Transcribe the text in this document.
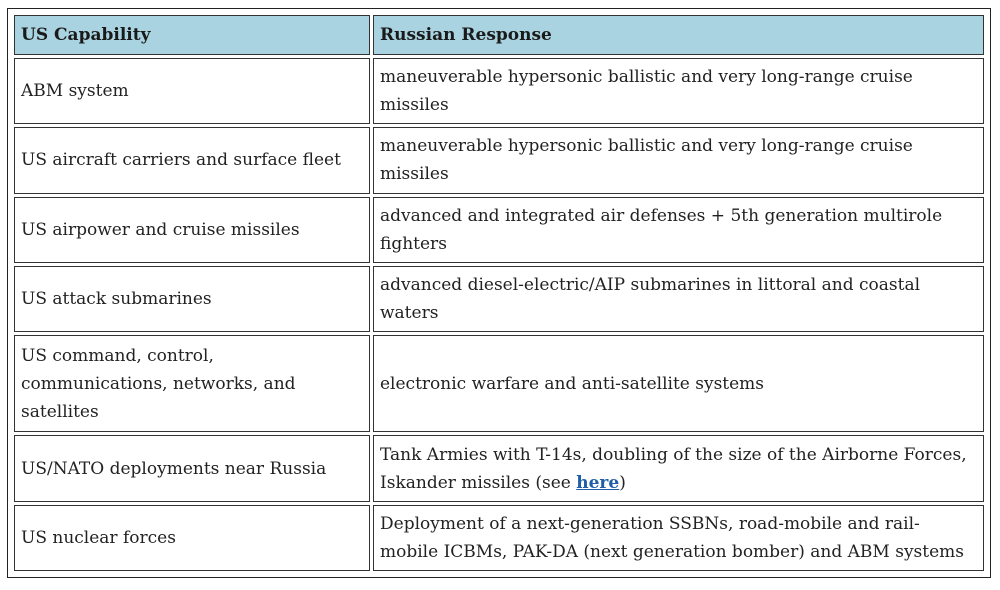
US Capability	Russian Response
ABM system	maneuverable hypersonic ballistic and very long-range cruise missiles
US aircraft carriers and surface fleet	maneuverable hypersonic ballistic and very long-range cruise missiles
US airpower and cruise missiles	advanced and integrated air defenses + 5th generation multirole fighters
US attack submarines	advanced diesel-electric/AIP submarines in littoral and coastal waters
US command, control, communications, networks, and satellites	electronic warfare and anti-satellite systems
US/NATO deployments near Russia	Tank Armies with T-14s, doubling of the size of the Airborne Forces, Iskander missiles (see here)
US nuclear forces	Deployment of a next-generation SSBNs, road-mobile and rail-mobile ICBMs, PAK-DA (next generation bomber) and ABM systems
